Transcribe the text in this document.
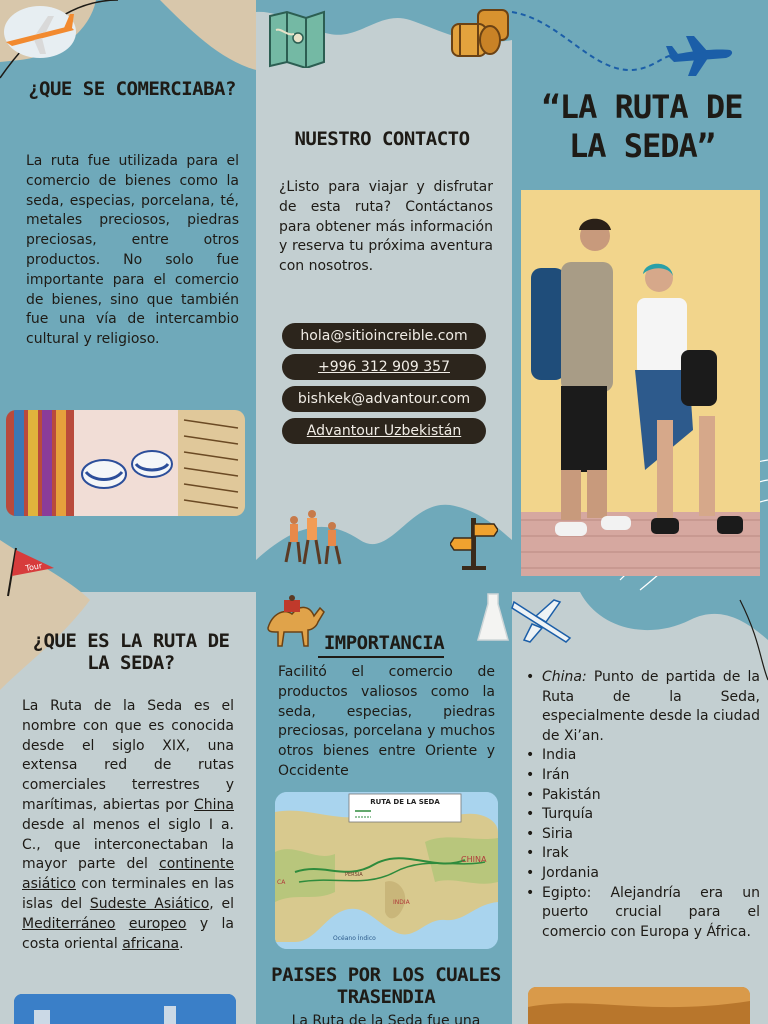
Tour
¿QUE SE COMERCIABA?

La ruta fue utilizada para el comercio de bienes como la seda, especias, porcelana, té, metales preciosos, piedras preciosas, entre otros productos. No solo fue importante para el comercio de bienes, sino que también fue una vía de intercambio cultural y religioso.

NUESTRO CONTACTO

¿Listo para viajar y disfrutar de esta ruta? Contáctanos para obtener más información y reserva tu próxima aventura con nosotros.

hola@sitioincreible.com
+996 312 909 357
bishkek@advantour.com
Advantour Uzbekistán
“LA RUTA DE LA SEDA”
¿QUE ES LA RUTA DE LA SEDA?

La Ruta de la Seda es el nombre con que es conocida desde el siglo XIX, una extensa red de rutas comerciales terrestres y marítimas, abiertas por China desde al menos el siglo I a. C., que interconectaban la mayor parte del continente asiático con terminales en las islas del Sudeste Asiático, el Mediterráneo europeo y la costa oriental africana.

IMPORTANCIA

Facilitó el comercio de productos valiosos como la seda, especias, piedras preciosas, porcelana y muchos otros bienes entre Oriente y Occidente

RUTA DE LA SEDA
CHINA
INDIA
PERSIA
Océano Índico
CA
PAISES POR LOS CUALES TRASENDIA

La Ruta de la Seda fue una

• China: Punto de partida de la Ruta de la Seda, especialmente desde la ciudad de Xi’an.
• India
• Irán
• Pakistán
• Turquía
• Siria
• Irak
• Jordania
• Egipto: Alejandría era un puerto crucial para el comercio con Europa y África.
